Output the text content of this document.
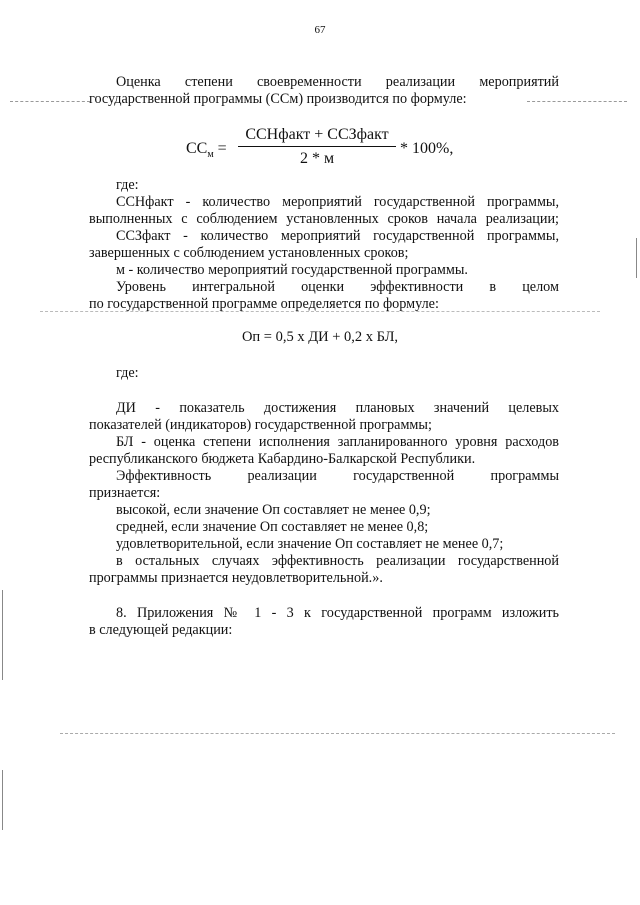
67
Оценка степени своевременности реализации мероприятий
государственной программы (ССм) производится по формуле:
$СС_м$ =
ССНфакт + ССЗфакт
2 * м
* 100%,
где:
ССНфакт - количество мероприятий государственной программы,
выполненных с соблюдением установленных сроков начала реализации;
ССЗфакт - количество мероприятий государственной программы,
завершенных с соблюдением установленных сроков;
м - количество мероприятий государственной программы.
Уровень интегральной оценки эффективности в целом
по государственной программе определяется по формуле:
Оп = 0,5 х ДИ + 0,2 х БЛ,
где:
ДИ - показатель достижения плановых значений целевых
показателей (индикаторов) государственной программы;
БЛ - оценка степени исполнения запланированного уровня расходов
республиканского бюджета Кабардино-Балкарской Республики.
Эффективность реализации государственной программы
признается:
высокой, если значение Оп составляет не менее 0,9;
средней, если значение Оп составляет не менее 0,8;
удовлетворительной, если значение Оп составляет не менее 0,7;
в остальных случаях эффективность реализации государственной
программы признается неудовлетворительной.».
8. Приложения № 1 - 3 к государственной программ изложить
в следующей редакции:
